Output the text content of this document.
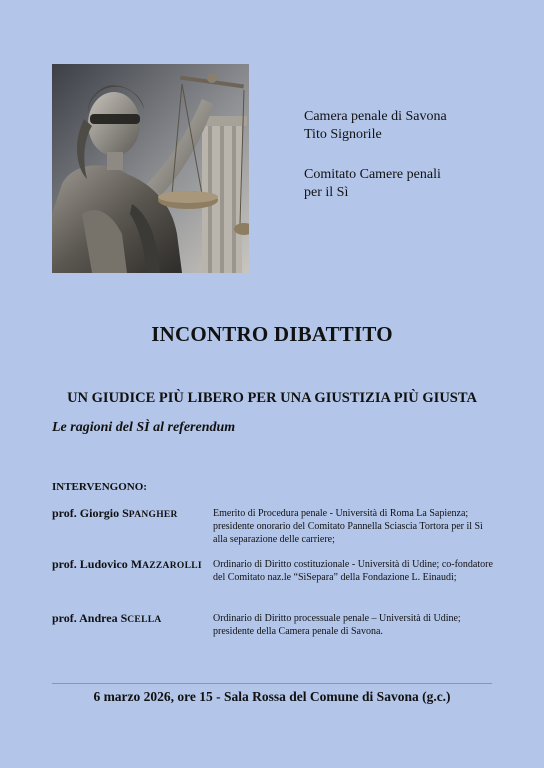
Camera penale di Savona
Tito Signorile
Comitato Camere penali
per il Sì
INCONTRO DIBATTITO
UN GIUDICE PIÙ LIBERO PER UNA GIUSTIZIA PIÙ GIUSTA
Le ragioni del SÌ al referendum
INTERVENGONO:
prof. Giorgio SPANGHER	Emerito di Procedura penale - Università di Roma La Sapienza; presidente onorario del Comitato Pannella Sciascia Tortora per il Sì alla separazione delle carriere;
prof. Ludovico MAZZAROLLI Ordinario di Diritto costituzionale - Università di Udine; co-fondatore del Comitato naz.le “SìSepara” della Fondazione L. Einaudi;
prof. Andrea SCELLA	Ordinario di Diritto processuale penale – Università di Udine; presidente della Camera penale di Savona.
6 marzo 2026, ore 15 - Sala Rossa del Comune di Savona (g.c.)
